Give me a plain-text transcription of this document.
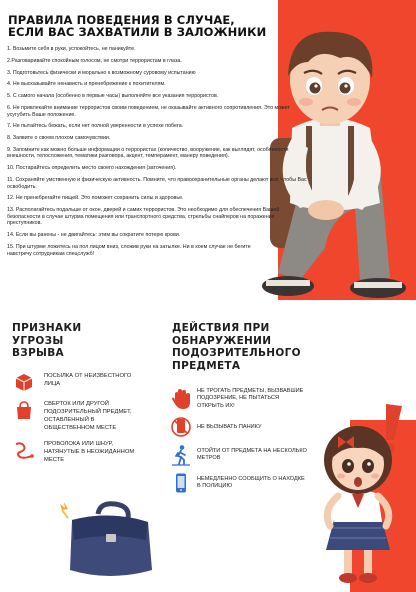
ПРАВИЛА ПОВЕДЕНИЯ В СЛУЧАЕ,
ЕСЛИ ВАС ЗАХВАТИЛИ В ЗАЛОЖНИКИ
1. Возьмите себя в руки, успокойтесь, не паникуйте.
2.Разговаривайте спокойным голосом, не смотри террористам в глаза.
3. Подготовьтесь физически и морально к возможному суровому испытанию
4. Не высказывайте ненависть и пренебрежение к похитителям.
5. С самого начала (особенно в первые часы) выполняйте все указания террористов.
6. Не привлекайте внимание террористов своим поведением, не оказывайте активного сопротивления. Это может усугубить Ваше положение.
7. Не пытайтесь бежать, если нет полной уверенности в успехе побега.
8. Заявите о своем плохом самочувствии.
9. Запомните как можно больше информации о террористах (количество, вооружение, как выглядят, особенности внешности, телосложения, тематики разговора, акцент, темперамент, манеру поведения).
10. Постарайтесь определить место своего нахождения (заточения).
11. Сохраняйте умственную и физическую активность. Помните, что правоохранительные органы делают всё, чтобы Вас освободить.
12. Не пренебрегайте пищей. Это поможет сохранить силы и здоровье.
13. Располагайтесь подальше от окон, дверей и самих террористов. Это необходимо для обеспечения Вашей безопасности в случае штурма помещения или транспортного средства, стрельбы снайперов на поражение преступников.
14. Если вы ранены - не двигайтесь: этим вы сократите потерю крови.
15. При штурме ложитесь на пол лицом вниз, сложив руки на затылке. Ни в коем случае не бегите навстречу сотрудникам спецслужб!
ПРИЗНАКИ
УГРОЗЫ
ВЗРЫВА
ДЕЙСТВИЯ ПРИ
ОБНАРУЖЕНИИ
ПОДОЗРИТЕЛЬНОГО
ПРЕДМЕТА
ПОСЫЛКА ОТ НЕИЗВЕСТНОГО ЛИЦА
СВЕРТОК ИЛИ ДРУГОЙ ПОДОЗРИТЕЛЬНЫЙ ПРЕДМЕТ, ОСТАВЛЕННЫЙ В ОБЩЕСТВЕННОМ МЕСТЕ
ПРОВОЛОКА ИЛИ ШНУР, НАТЯНУТЫЕ В НЕОЖИДАННОМ МЕСТЕ
НЕ ТРОГАТЬ ПРЕДМЕТЫ, ВЫЗВАВШИЕ ПОДОЗРЕНИЕ, НЕ ПЫТАТЬСЯ ОТКРЫТЬ ИХ!
НЕ ВЫЗЫВАТЬ ПАНИКУ
ОТОЙТИ ОТ ПРЕДМЕТА НА НЕСКОЛЬКО МЕТРОВ
НЕМЕДЛЕННО СООБЩИТЬ О НАХОДКЕ В ПОЛИЦИЮ
